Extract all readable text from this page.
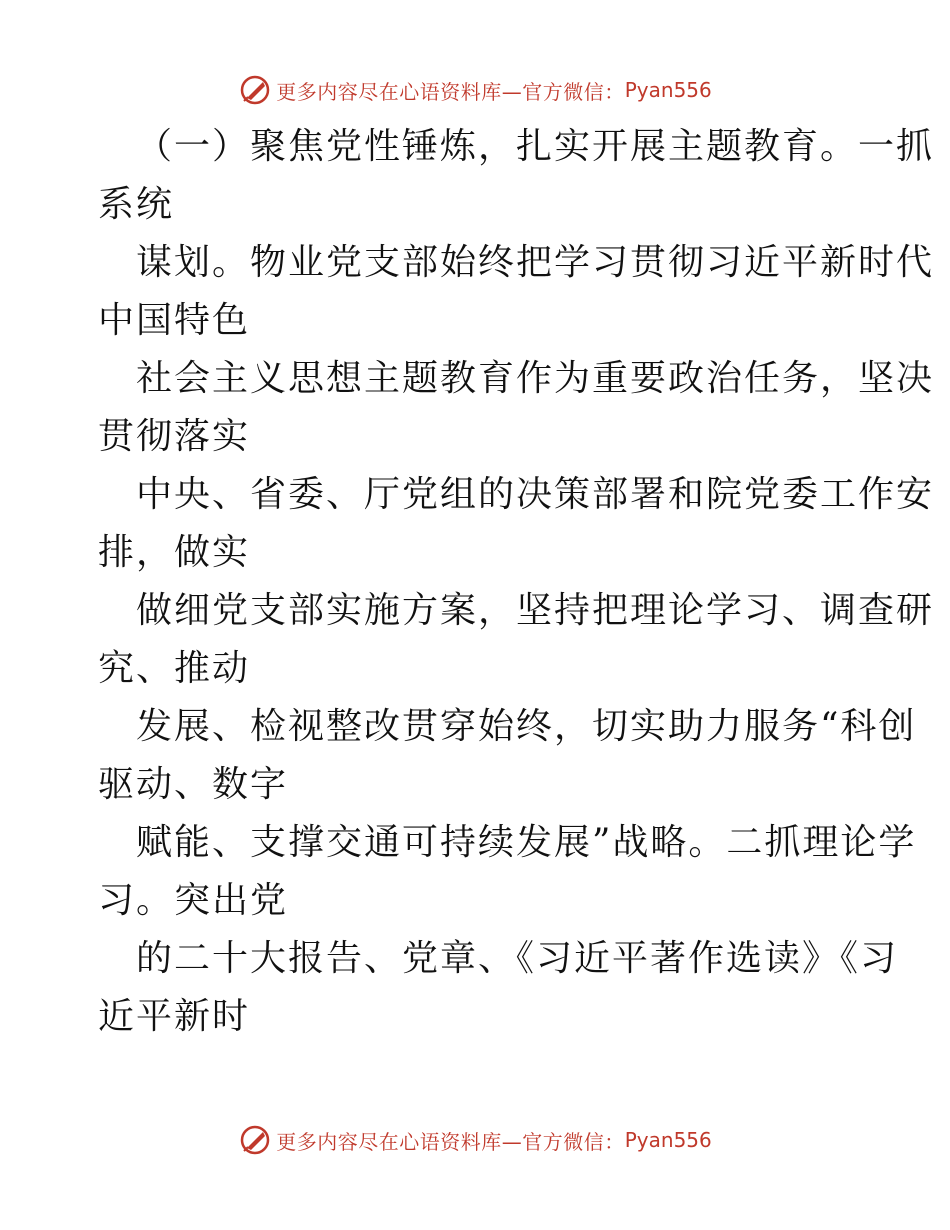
更多内容尽在心语资料库—官方微信： Pyan556
（一）聚焦党性锤炼，扎实开展主题教育。一抓
系统
谋划。物业党支部始终把学习贯彻习近平新时代
中国特色
社会主义思想主题教育作为重要政治任务，坚决
贯彻落实
中央、省委、厅党组的决策部署和院党委工作安
排，做实
做细党支部实施方案，坚持把理论学习、调查研
究、推动
发展、检视整改贯穿始终，切实助力服务“科创
驱动、数字
赋能、支撑交通可持续发展”战略。二抓理论学
习。突出党
的二十大报告、党章、《习近平著作选读》《习
近平新时
更多内容尽在心语资料库—官方微信： Pyan556
